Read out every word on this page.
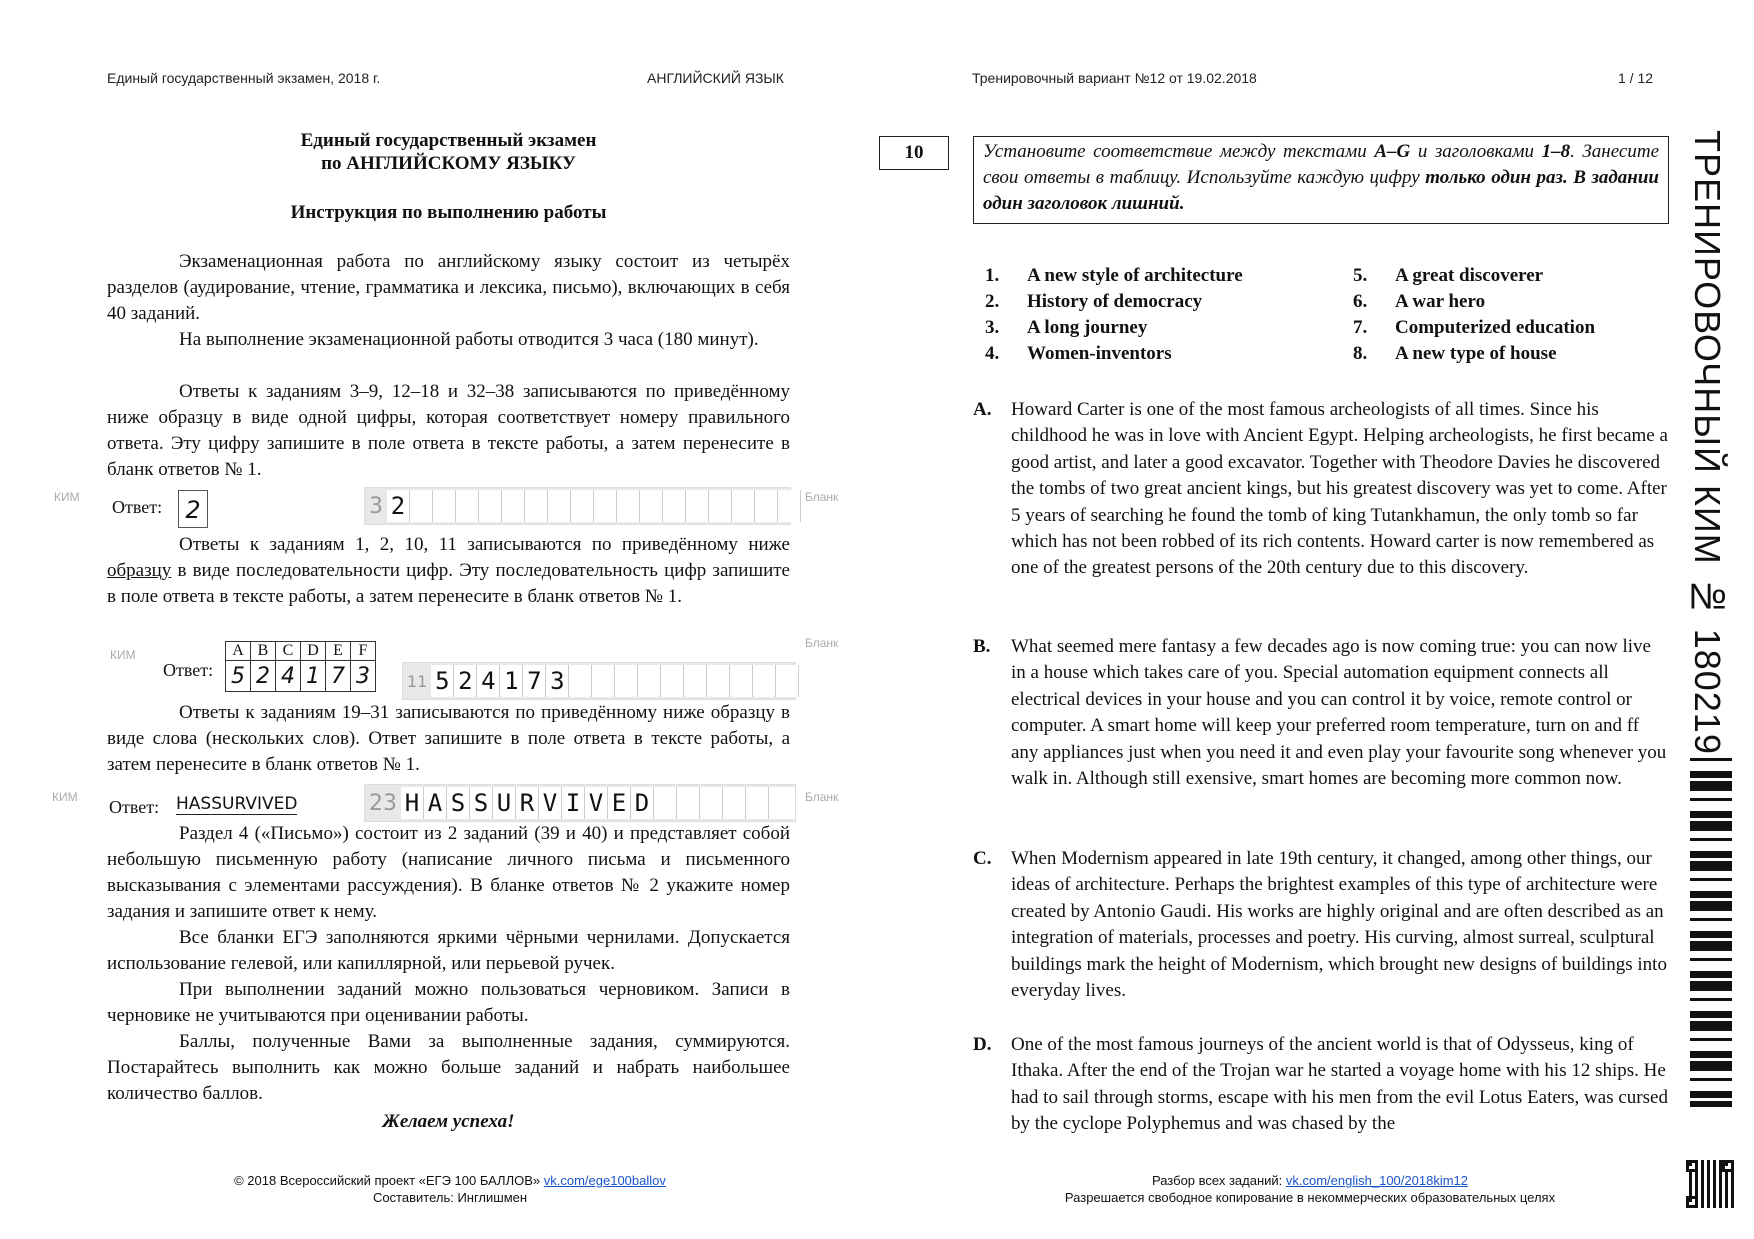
Единый государственный экзамен, 2018 г.	АНГЛИЙСКИЙ ЯЗЫК	Тренировочный вариант №12 от 19.02.2018	1 / 12
Единый государственный экзамен
по АНГЛИЙСКОМУ ЯЗЫКУ
Инструкция по выполнению работы
Экзаменационная работа по английскому языку состоит из четырёх разделов (аудирование, чтение, грамматика и лексика, письмо), включающих в себя 40 заданий.
На выполнение экзаменационной работы отводится 3 часа (180 минут).
Ответы к заданиям 3–9, 12–18 и 32–38 записываются по приведённому ниже образцу в виде одной цифры, которая соответствует номеру правильного ответа. Эту цифру запишите в поле ответа в тексте работы, а затем перенесите в бланк ответов № 1.
КИМ Ответ: 2	3 2	Бланк
Ответы к заданиям 1, 2, 10, 11 записываются по приведённому ниже образцу в виде последовательности цифр. Эту последовательность цифр запишите в поле ответа в тексте работы, а затем перенесите в бланк ответов № 1.
КИМ
Ответ:
A	B	C	D	E	F
5	2	4	1	7	3 11 5 2 4 1 7 3
Бланк
Ответы к заданиям 19–31 записываются по приведённому ниже образцу в виде слова (нескольких слов). Ответ запишите в поле ответа в тексте работы, а затем перенесите в бланк ответов № 1.
КИМ Ответ: HASSURVIVED	23 H A S S U R V I V E D	Бланк
Раздел 4 («Письмо») состоит из 2 заданий (39 и 40) и представляет собой небольшую письменную работу (написание личного письма и письменного высказывания с элементами рассуждения). В бланке ответов № 2 укажите номер задания и запишите ответ к нему.
Все бланки ЕГЭ заполняются яркими чёрными чернилами. Допускается использование гелевой, или капиллярной, или перьевой ручек.
При выполнении заданий можно пользоваться черновиком. Записи в черновике не учитываются при оценивании работы.
Баллы, полученные Вами за выполненные задания, суммируются. Постарайтесь выполнить как можно больше заданий и набрать наибольшее количество баллов.
Желаем успеха!
10	Установите соответствие между текстами A–G и заголовками 1–8. Занесите свои ответы в таблицу. Используйте каждую цифру только один раз. В задании один заголовок лишний.
1. A new style of architecture
2. History of democracy
3. A long journey
4. Women-inventors
5. A great discoverer
6. A war hero
7. Computerized education
8. A new type of house
A. Howard Carter is one of the most famous archeologists of all times. Since his childhood he was in love with Ancient Egypt. Helping archeologists, he first became a good artist, and later a good excavator. Together with Theodore Davies he discovered the tombs of two great ancient kings, but his greatest discovery was yet to come. After 5 years of searching he found the tomb of king Tutankhamun, the only tomb so far which has not been robbed of its rich contents. Howard carter is now remembered as one of the greatest persons of the 20th century due to this discovery.
B. What seemed mere fantasy a few decades ago is now coming true: you can now live in a house which takes care of you. Special automation equipment connects all electrical devices in your house and you can control it by voice, remote control or computer. A smart home will keep your preferred room temperature, turn on and ff any appliances just when you need it and even play your favourite song whenever you walk in. Although still exensive, smart homes are becoming more common now.
C. When Modernism appeared in late 19th century, it changed, among other things, our ideas of architecture. Perhaps the brightest examples of this type of architecture were created by Antonio Gaudi. His works are highly original and are often described as an integration of materials, processes and poetry. His curving, almost surreal, sculptural buildings mark the height of Modernism, which brought new designs of buildings into everyday lives.
D. One of the most famous journeys of the ancient world is that of Odysseus, king of Ithaka. After the end of the Trojan war he started a voyage home with his 12 ships. He had to sail through storms, escape with his men from the evil Lotus Eaters, was cursed by the cyclope Polyphemus and was chased by the
ТРЕНИРОВОЧНЫЙ КИМ № 180219
© 2018 Всероссийский проект «ЕГЭ 100 БАЛЛОВ» vk.com/ege100ballov
Составитель: Инглишмен
Разбор всех заданий: vk.com/english_100/2018kim12
Разрешается свободное копирование в некоммерческих образовательных целях
